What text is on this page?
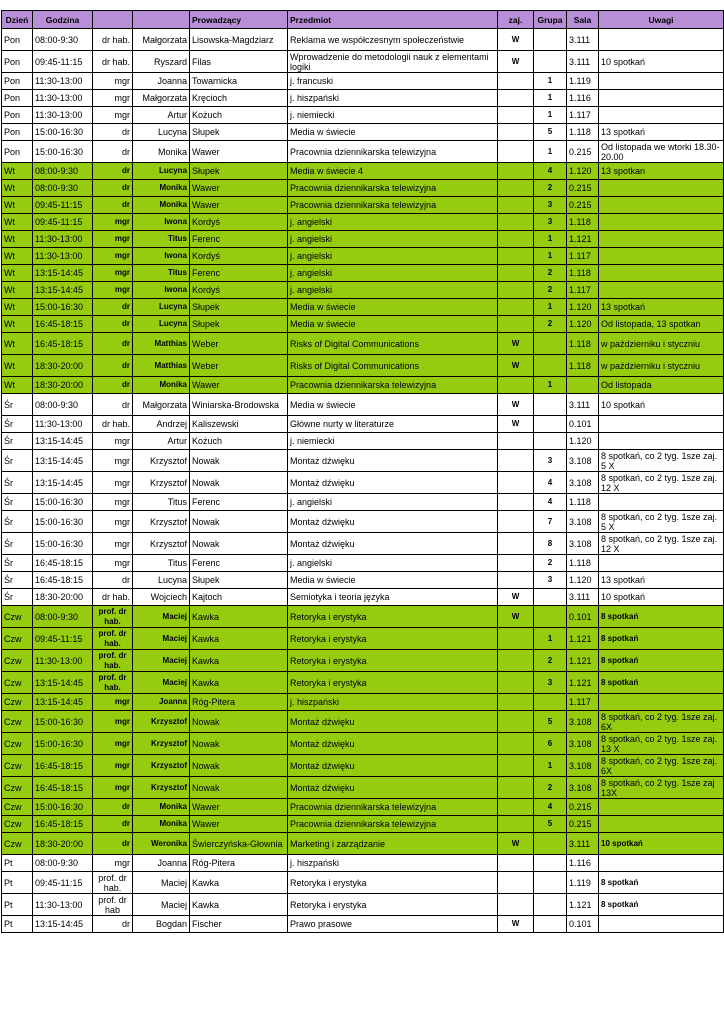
Dzień	Godzina			Prowadzący	Przedmiot	zaj.	Grupa	Sala	Uwagi
Pon	08:00-9:30	dr hab.	Małgorzata	Lisowska-Magdziarz	Reklama we współczesnym społeczeństwie	W		3.111	
Pon	09:45-11:15	dr hab.	Ryszard	Filas	Wprowadzenie do metodologii nauk z elementami logiki	W		3.111	10 spotkań
Pon	11:30-13:00	mgr	Joanna	Towarnicka	j. francuski		1	1.119	
Pon	11:30-13:00	mgr	Małgorzata	Kręcioch	j. hiszpański		1	1.116	
Pon	11:30-13:00	mgr	Artur	Kożuch	j. niemiecki		1	1.117	
Pon	15:00-16:30	dr	Lucyna	Słupek	Media w świecie		5	1.118	13 spotkań
Pon	15:00-16:30	dr	Monika	Wawer	Pracownia dziennikarska telewizyjna		1	0.215	Od listopada we wtorki 18.30-20.00
Wt	08:00-9:30	dr	Lucyna	Słupek	Media w świecie 4		4	1.120	13 spotkan
Wt	08:00-9:30	dr	Monika	Wawer	Pracownia dziennikarska telewizyjna		2	0.215	
Wt	09:45-11:15	dr	Monika	Wawer	Pracownia dziennikarska telewizyjna		3	0.215	
Wt	09:45-11:15	mgr	Iwona	Kordyś	j. angielski		3	1.118	
Wt	11:30-13:00	mgr	Titus	Ferenc	j. angielski		1	1.121	
Wt	11:30-13:00	mgr	Iwona	Kordyś	j. angielski		1	1.117	
Wt	13:15-14:45	mgr	Titus	Ferenc	j. angielski		2	1.118	
Wt	13:15-14:45	mgr	Iwona	Kordyś	j. angielski		2	1.117	
Wt	15:00-16:30	dr	Lucyna	Słupek	Media w świecie		1	1.120	13 spotkań
Wt	16:45-18:15	dr	Lucyna	Słupek	Media w świecie		2	1.120	Od listopada, 13 spotkan
Wt	16:45-18:15	dr	Matthias	Weber	Risks of Digital Communications	W		1.118	w październiku i styczniu
Wt	18:30-20:00	dr	Matthias	Weber	Risks of Digital Communications	W		1.118	w październiku i styczniu
Wt	18:30-20:00	dr	Monika	Wawer	Pracownia dziennikarska telewizyjna		1		Od listopada
Śr	08:00-9:30	dr	Małgorzata	Winiarska-Brodowska	Media w świecie	W		3.111	10 spotkań
Śr	11:30-13:00	dr hab.	Andrzej	Kaliszewski	Główne nurty w literaturze	W		0.101	
Śr	13:15-14:45	mgr	Artur	Kożuch	j. niemiecki			1.120	
Śr	13:15-14:45	mgr	Krzysztof	Nowak	Montaż dźwięku		3	3.108	8 spotkań, co 2 tyg. 1sze zaj. 5 X
Śr	13:15-14:45	mgr	Krzysztof	Nowak	Montaż dźwięku		4	3.108	8 spotkań, co 2 tyg. 1sze zaj. 12 X
Śr	15:00-16:30	mgr	Titus	Ferenc	j. angielski		4	1.118	
Śr	15:00-16:30	mgr	Krzysztof	Nowak	Montaż dźwięku		7	3.108	8 spotkań, co 2 tyg. 1sze zaj. 5 X
Śr	15:00-16:30	mgr	Krzysztof	Nowak	Montaż dźwięku		8	3.108	8 spotkań, co 2 tyg. 1sze zaj. 12 X
Śr	16:45-18:15	mgr	Titus	Ferenc	j. angielski		2	1.118	
Śr	16:45-18:15	dr	Lucyna	Słupek	Media w świecie		3	1.120	13 spotkań
Śr	18:30-20:00	dr hab.	Wojciech	Kajtoch	Semiotyka i teoria języka	W		3.111	10 spotkań
Czw	08:00-9:30	prof. dr hab.	Maciej	Kawka	Retoryka i erystyka	W		0.101	8 spotkań
Czw	09:45-11:15	prof. dr hab.	Maciej	Kawka	Retoryka i erystyka		1	1.121	8 spotkań
Czw	11:30-13:00	prof. dr hab.	Maciej	Kawka	Retoryka i erystyka		2	1.121	8 spotkań
Czw	13:15-14:45	prof. dr hab.	Maciej	Kawka	Retoryka i erystyka		3	1.121	8 spotkań
Czw	13:15-14:45	mgr	Joanna	Róg-Pitera	j. hiszpański			1.117	
Czw	15:00-16:30	mgr	Krzysztof	Nowak	Montaż dźwięku		5	3.108	8 spotkań, co 2 tyg. 1sze zaj. 6X
Czw	15:00-16:30	mgr	Krzysztof	Nowak	Montaż dźwięku		6	3.108	8 spotkań, co 2 tyg. 1sze zaj. 13 X
Czw	16:45-18:15	mgr	Krzysztof	Nowak	Montaż dźwięku		1	3.108	8 spotkań, co 2 tyg. 1sze zaj. 6X
Czw	16:45-18:15	mgr	Krzysztof	Nowak	Montaż dźwięku		2	3.108	8 spotkań, co 2 tyg. 1sze zaj 13X
Czw	15:00-16:30	dr	Monika	Wawer	Pracownia dziennikarska telewizyjna		4	0.215	
Czw	16:45-18:15	dr	Monika	Wawer	Pracownia dziennikarska telewizyjna		5	0.215	
Czw	18:30-20:00	dr	Weronika	Świerczyńska-Głownia	Marketing i zarządzanie	W		3.111	10 spotkań
Pt	08:00-9:30	mgr	Joanna	Róg-Pitera	j. hiszpański			1.116	
Pt	09:45-11:15	prof. dr hab.	Maciej	Kawka	Retoryka i erystyka			1.119	8 spotkań
Pt	11:30-13:00	prof. dr hab	Maciej	Kawka	Retoryka i erystyka			1.121	8 spotkań
Pt	13:15-14:45	dr	Bogdan	Fischer	Prawo prasowe	W		0.101	
